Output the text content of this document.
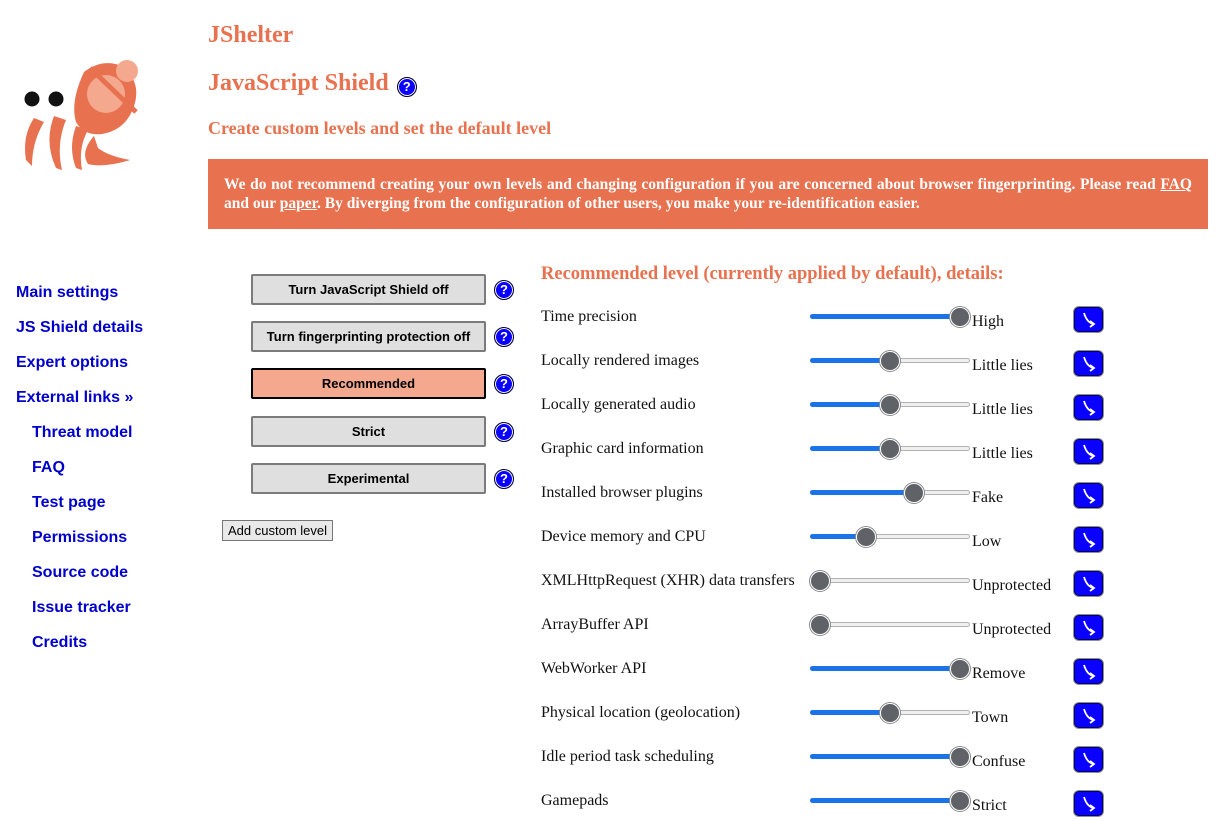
JShelter
JavaScript Shield	?
Create custom levels and set the default level
We do not recommend creating your own levels and changing configuration if you are concerned about browser fingerprinting. Please read FAQ and our paper. By diverging from the configuration of other users, you make your re-identification easier.
Main settings
JS Shield details
Expert options
External links »
Threat model
FAQ
Test page
Permissions
Source code
Issue tracker
Credits
Turn JavaScript Shield off	?
Turn fingerprinting protection off	?
Recommended	?
Strict	?
Experimental	?
Add custom level
Recommended level (currently applied by default), details:
Time precision	High
Locally rendered images	Little lies
Locally generated audio	Little lies
Graphic card information	Little lies
Installed browser plugins	Fake
Device memory and CPU	Low
XMLHttpRequest (XHR) data transfers	Unprotected
ArrayBuffer API	Unprotected
WebWorker API	Remove
Physical location (geolocation)	Town
Idle period task scheduling	Confuse
Gamepads	Strict
